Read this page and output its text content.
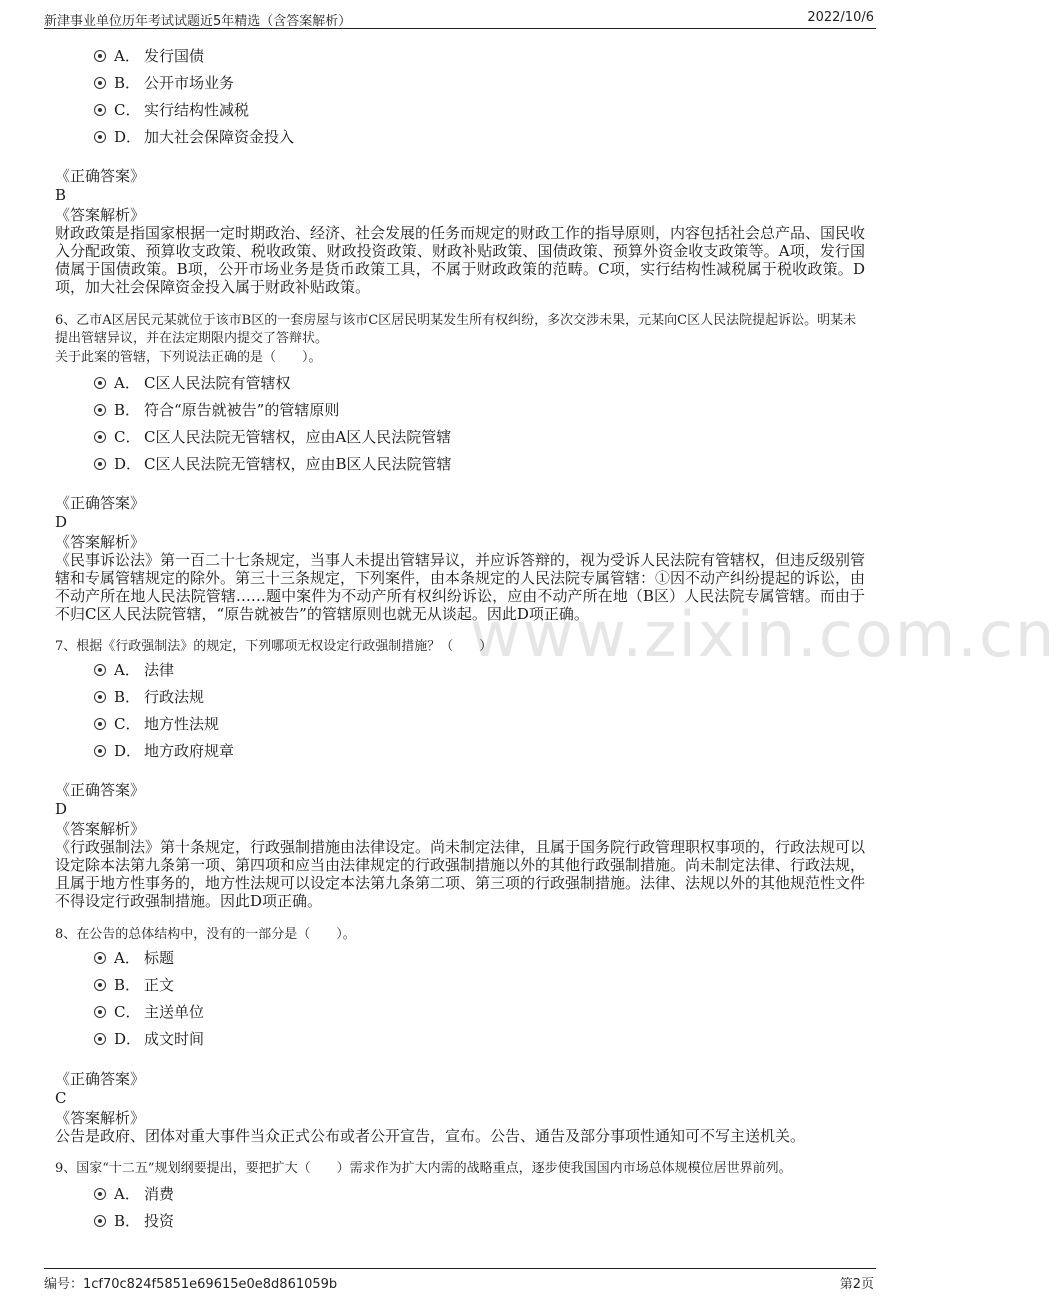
新津事业单位历年考试试题近5年精选（含答案解析）	2022/10/6
www.zixin.com.cn
A． 发行国债
B． 公开市场业务
C． 实行结构性减税
D． 加大社会保障资金投入
《正确答案》
B
《答案解析》
财政政策是指国家根据一定时期政治、经济、社会发展的任务而规定的财政工作的指导原则，内容包括社会总产品、国民收入分配政策、预算收支政策、税收政策、财政投资政策、财政补贴政策、国债政策、预算外资金收支政策等。A项，发行国债属于国债政策。B项，公开市场业务是货币政策工具，不属于财政政策的范畴。C项，实行结构性减税属于税收政策。D项，加大社会保障资金投入属于财政补贴政策。
6、乙市A区居民元某就位于该市B区的一套房屋与该市C区居民明某发生所有权纠纷，多次交涉未果，元某向C区人民法院提起诉讼。明某未提出管辖异议，并在法定期限内提交了答辩状。
关于此案的管辖，下列说法正确的是（　　）。
A． C区人民法院有管辖权
B． 符合“原告就被告”的管辖原则
C． C区人民法院无管辖权，应由A区人民法院管辖
D． C区人民法院无管辖权，应由B区人民法院管辖
《正确答案》
D
《答案解析》
《民事诉讼法》第一百二十七条规定，当事人未提出管辖异议，并应诉答辩的，视为受诉人民法院有管辖权，但违反级别管辖和专属管辖规定的除外。第三十三条规定，下列案件，由本条规定的人民法院专属管辖：①因不动产纠纷提起的诉讼，由不动产所在地人民法院管辖……题中案件为不动产所有权纠纷诉讼，应由不动产所在地（B区）人民法院专属管辖。而由于不归C区人民法院管辖，“原告就被告”的管辖原则也就无从谈起。因此D项正确。
7、根据《行政强制法》的规定，下列哪项无权设定行政强制措施？（　　）
A． 法律
B． 行政法规
C． 地方性法规
D． 地方政府规章
《正确答案》
D
《答案解析》
《行政强制法》第十条规定，行政强制措施由法律设定。尚未制定法律，且属于国务院行政管理职权事项的，行政法规可以设定除本法第九条第一项、第四项和应当由法律规定的行政强制措施以外的其他行政强制措施。尚未制定法律、行政法规，且属于地方性事务的，地方性法规可以设定本法第九条第二项、第三项的行政强制措施。法律、法规以外的其他规范性文件不得设定行政强制措施。因此D项正确。
8、在公告的总体结构中，没有的一部分是（　　）。
A． 标题
B． 正文
C． 主送单位
D． 成文时间
《正确答案》
C
《答案解析》
公告是政府、团体对重大事件当众正式公布或者公开宣告，宣布。公告、通告及部分事项性通知可不写主送机关。
9、国家“十二五”规划纲要提出，要把扩大（　　）需求作为扩大内需的战略重点，逐步使我国国内市场总体规模位居世界前列。
A． 消费
B． 投资
编号：1cf70c824f5851e69615e0e8d861059b	第2页
